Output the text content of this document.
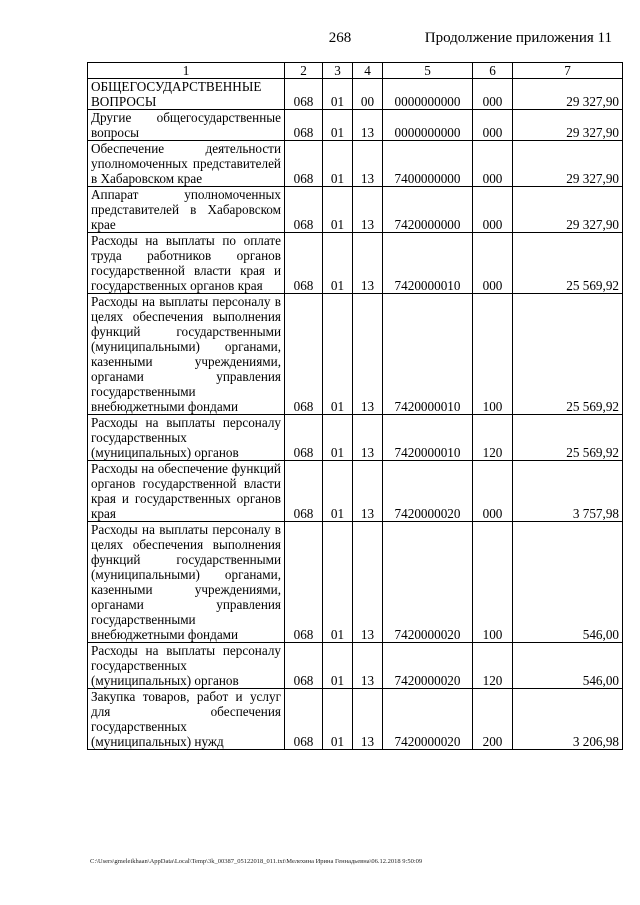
268	Продолжение приложения 11
1	2	3	4	5	6	7
ОБЩЕГОСУДАРСТВЕННЫЕ ВОПРОСЫ	068	01	00	0000000000	000	29 327,90
Другие общегосударственные вопросы	068	01	13	0000000000	000	29 327,90
Обеспечение деятельности уполномоченных представителей в Хабаровском крае	068	01	13	7400000000	000	29 327,90
Аппарат уполномоченных представителей в Хабаровском крае	068	01	13	7420000000	000	29 327,90
Расходы на выплаты по оплате труда работников органов государственной власти края и государственных органов края	068	01	13	7420000010	000	25 569,92
Расходы на выплаты персоналу в целях обеспечения выполнения функций государственными (муниципальными) органами, казенными учреждениями, органами управления государственными внебюджетными фондами	068	01	13	7420000010	100	25 569,92
Расходы на выплаты персоналу государственных (муниципальных) органов	068	01	13	7420000010	120	25 569,92
Расходы на обеспечение функций органов государственной власти края и государственных органов края	068	01	13	7420000020	000	3 757,98
Расходы на выплаты персоналу в целях обеспечения выполнения функций государственными (муниципальными) органами, казенными учреждениями, органами управления государственными внебюджетными фондами	068	01	13	7420000020	100	546,00
Расходы на выплаты персоналу государственных (муниципальных) органов	068	01	13	7420000020	120	546,00
Закупка товаров, работ и услуг для обеспечения государственных (муниципальных) нужд	068	01	13	7420000020	200	3 206,98
C:\Users\gmeleikhaan\AppData\Local\Temp\3k_00387_05122018_011.txt\Мелехина Ирина Геннадьевна\06.12.2018 9:50:09
